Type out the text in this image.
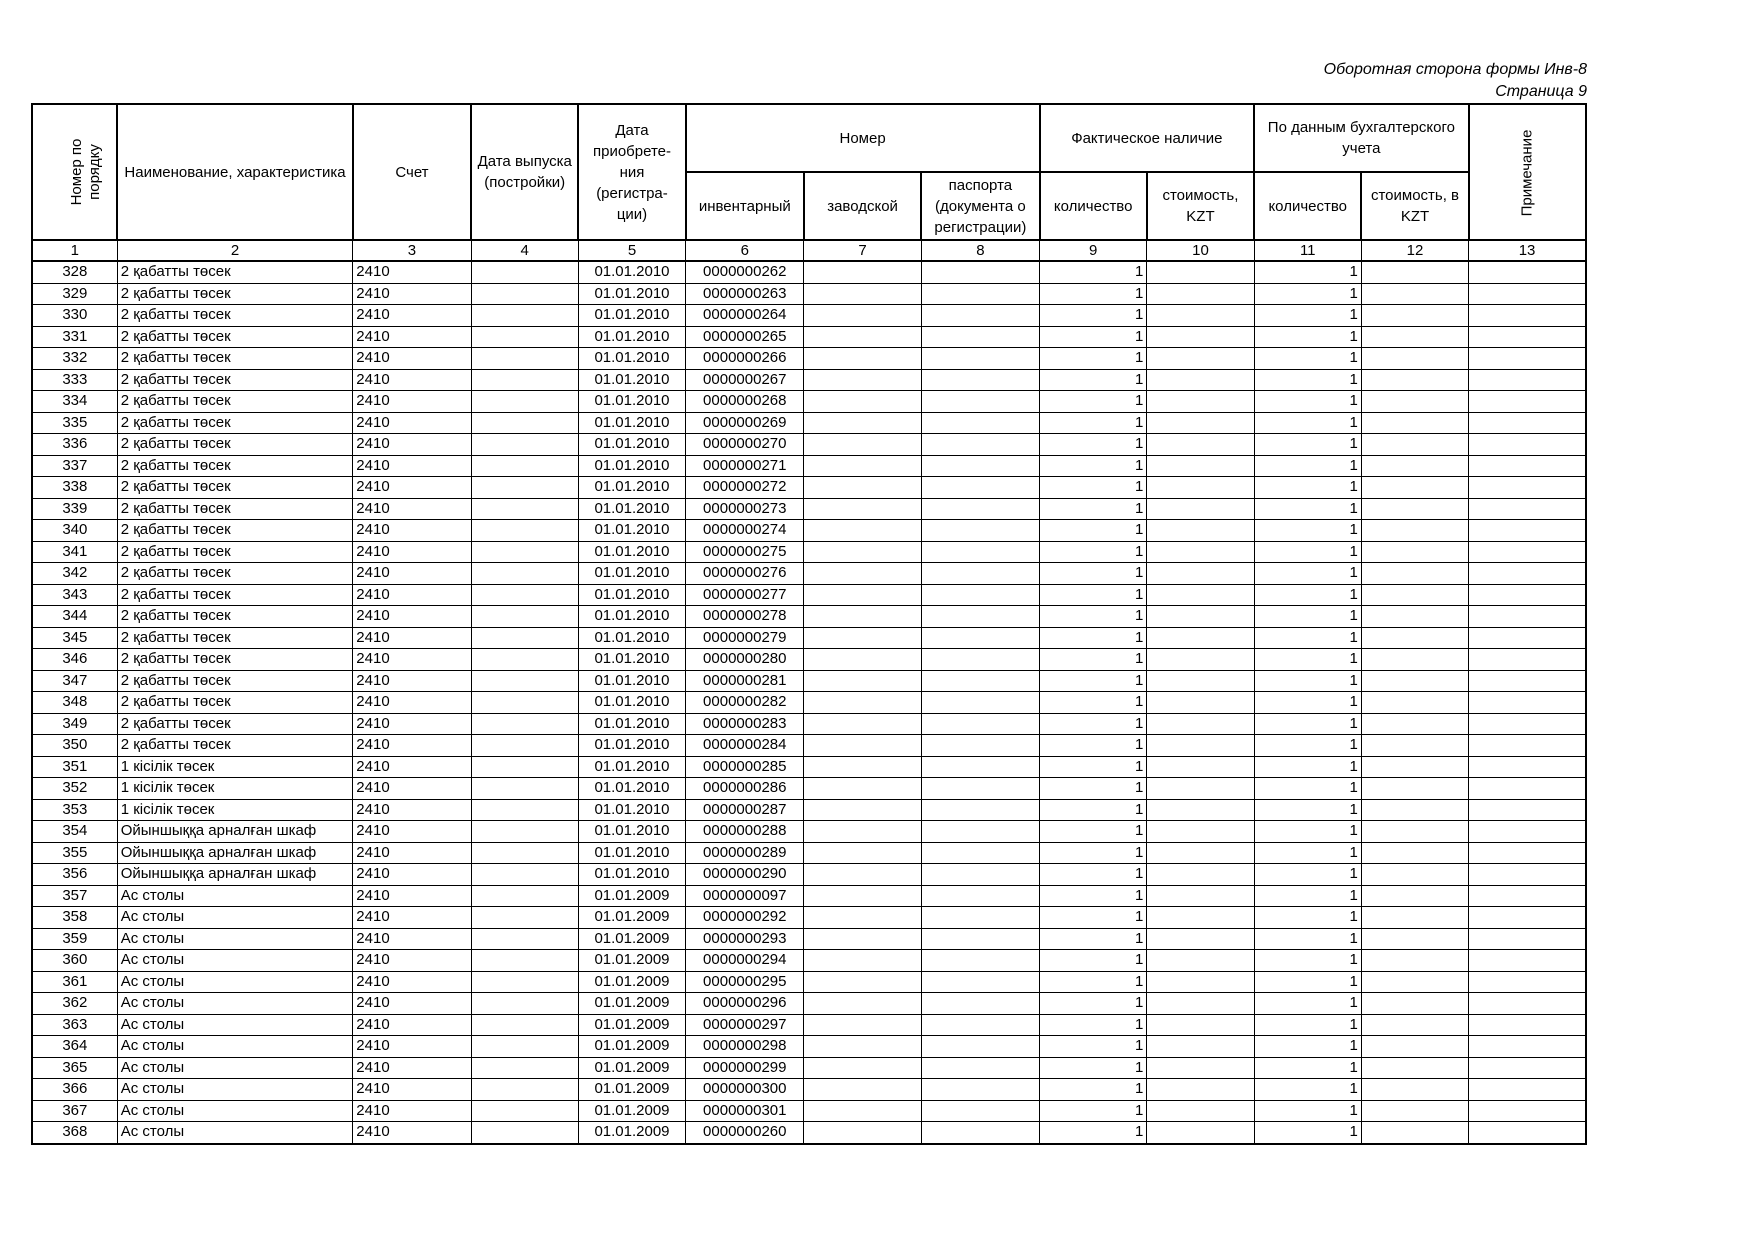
Оборотная сторона формы Инв-8
Страница 9
Номер по порядку	Наименование, характеристика	Счет	Дата выпуска (постройки)	Дата приобрете-ния (регистра-ции)	Номер			Фактическое наличие		По данным бухгалтерского учета		Примечание
					инвентарный	заводской	паспорта (документа о регистрации)	количество	стоимость, KZT	количество	стоимость, в KZT	
1	2	3	4	5	6	7	8	9	10	11	12	13
328	2 қабатты төсек	2410		01.01.2010	0000000262			1		1		
329	2 қабатты төсек	2410		01.01.2010	0000000263			1		1		
330	2 қабатты төсек	2410		01.01.2010	0000000264			1		1		
331	2 қабатты төсек	2410		01.01.2010	0000000265			1		1		
332	2 қабатты төсек	2410		01.01.2010	0000000266			1		1		
333	2 қабатты төсек	2410		01.01.2010	0000000267			1		1		
334	2 қабатты төсек	2410		01.01.2010	0000000268			1		1		
335	2 қабатты төсек	2410		01.01.2010	0000000269			1		1		
336	2 қабатты төсек	2410		01.01.2010	0000000270			1		1		
337	2 қабатты төсек	2410		01.01.2010	0000000271			1		1		
338	2 қабатты төсек	2410		01.01.2010	0000000272			1		1		
339	2 қабатты төсек	2410		01.01.2010	0000000273			1		1		
340	2 қабатты төсек	2410		01.01.2010	0000000274			1		1		
341	2 қабатты төсек	2410		01.01.2010	0000000275			1		1		
342	2 қабатты төсек	2410		01.01.2010	0000000276			1		1		
343	2 қабатты төсек	2410		01.01.2010	0000000277			1		1		
344	2 қабатты төсек	2410		01.01.2010	0000000278			1		1		
345	2 қабатты төсек	2410		01.01.2010	0000000279			1		1		
346	2 қабатты төсек	2410		01.01.2010	0000000280			1		1		
347	2 қабатты төсек	2410		01.01.2010	0000000281			1		1		
348	2 қабатты төсек	2410		01.01.2010	0000000282			1		1		
349	2 қабатты төсек	2410		01.01.2010	0000000283			1		1		
350	2 қабатты төсек	2410		01.01.2010	0000000284			1		1		
351	1 кісілік төсек	2410		01.01.2010	0000000285			1		1		
352	1 кісілік төсек	2410		01.01.2010	0000000286			1		1		
353	1 кісілік төсек	2410		01.01.2010	0000000287			1		1		
354	Ойыншыққа арналған шкаф	2410		01.01.2010	0000000288			1		1		
355	Ойыншыққа арналған шкаф	2410		01.01.2010	0000000289			1		1		
356	Ойыншыққа арналған шкаф	2410		01.01.2010	0000000290			1		1		
357	Ас столы	2410		01.01.2009	0000000097			1		1		
358	Ас столы	2410		01.01.2009	0000000292			1		1		
359	Ас столы	2410		01.01.2009	0000000293			1		1		
360	Ас столы	2410		01.01.2009	0000000294			1		1		
361	Ас столы	2410		01.01.2009	0000000295			1		1		
362	Ас столы	2410		01.01.2009	0000000296			1		1		
363	Ас столы	2410		01.01.2009	0000000297			1		1		
364	Ас столы	2410		01.01.2009	0000000298			1		1		
365	Ас столы	2410		01.01.2009	0000000299			1		1		
366	Ас столы	2410		01.01.2009	0000000300			1		1		
367	Ас столы	2410		01.01.2009	0000000301			1		1		
368	Ас столы	2410		01.01.2009	0000000260			1		1		
